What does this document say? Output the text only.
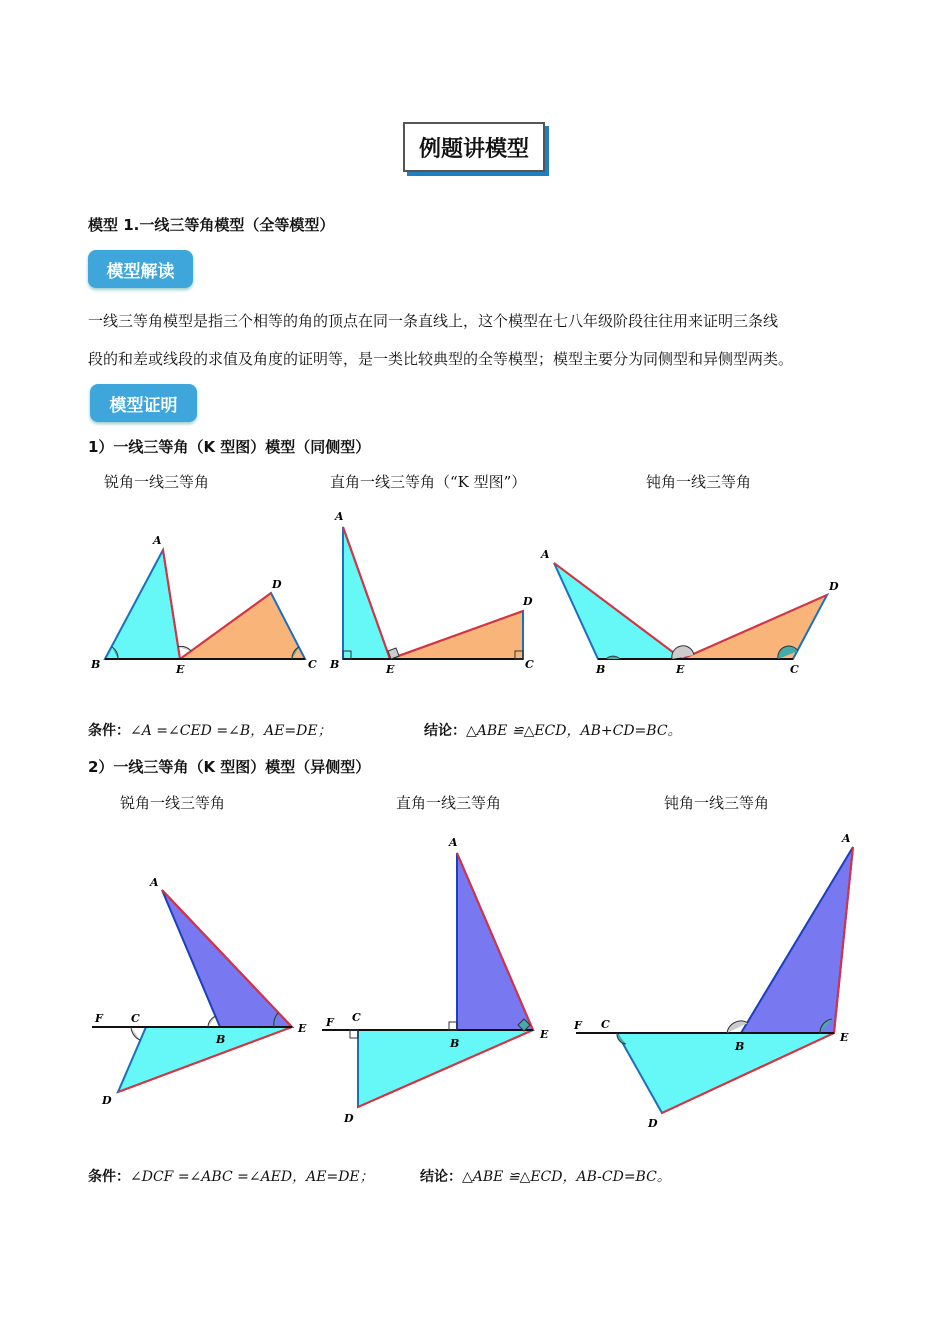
例题讲模型
模型 1.一线三等角模型（全等模型）
模型解读
一线三等角模型是指三个相等的角的顶点在同一条直线上，这个模型在七八年级阶段往往用来证明三条线
段的和差或线段的求值及角度的证明等，是一类比较典型的全等模型；模型主要分为同侧型和异侧型两类。
模型证明
1）一线三等角（K 型图）模型（同侧型）
锐角一线三等角	直角一线三等角（“K 型图”）	钝角一线三等角
A
B	E
D
C
A
B	E
D
C
A
B	E
D
C
条件：∠A =∠CED =∠B，AE=DE；	结论：△ABE ≌△ECD，AB+CD=BC。
2）一线三等角（K 型图）模型（异侧型）
锐角一线三等角	直角一线三等角	钝角一线三等角
A
F	C
B
E
D
A
F C
B
E
D
A
F C
B
E
D
条件：∠DCF =∠ABC =∠AED，AE=DE；	结论：△ABE ≌△ECD，AB-CD=BC。
